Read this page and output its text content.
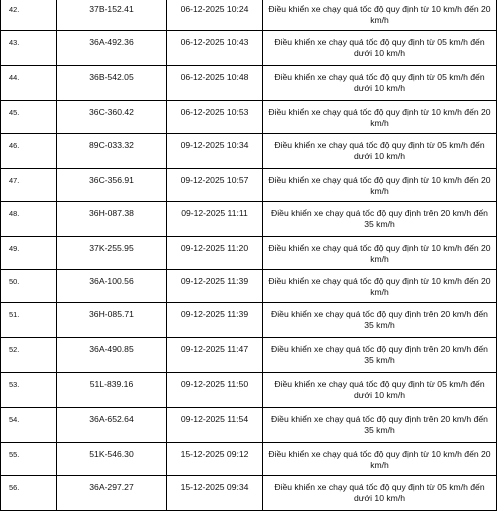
42.	37B-152.41	06-12-2025 10:24	Điều khiển xe chạy quá tốc độ quy định từ 10 km/h đến 20 km/h
43.	36A-492.36	06-12-2025 10:43	Điều khiển xe chạy quá tốc độ quy định từ 05 km/h đến dưới 10 km/h
44.	36B-542.05	06-12-2025 10:48	Điều khiển xe chạy quá tốc độ quy định từ 05 km/h đến dưới 10 km/h
45.	36C-360.42	06-12-2025 10:53	Điều khiển xe chạy quá tốc độ quy định từ 10 km/h đến 20 km/h
46.	89C-033.32	09-12-2025 10:34	Điều khiển xe chạy quá tốc độ quy định từ 05 km/h đến dưới 10 km/h
47.	36C-356.91	09-12-2025 10:57	Điều khiển xe chạy quá tốc độ quy định từ 10 km/h đến 20 km/h
48.	36H-087.38	09-12-2025 11:11	Điều khiển xe chạy quá tốc độ quy định trên 20 km/h đến 35 km/h
49.	37K-255.95	09-12-2025 11:20	Điều khiển xe chạy quá tốc độ quy định từ 10 km/h đến 20 km/h
50.	36A-100.56	09-12-2025 11:39	Điều khiển xe chạy quá tốc độ quy định từ 10 km/h đến 20 km/h
51.	36H-085.71	09-12-2025 11:39	Điều khiển xe chạy quá tốc độ quy định trên 20 km/h đến 35 km/h
52.	36A-490.85	09-12-2025 11:47	Điều khiển xe chạy quá tốc độ quy định trên 20 km/h đến 35 km/h
53.	51L-839.16	09-12-2025 11:50	Điều khiển xe chạy quá tốc độ quy định từ 05 km/h đến dưới 10 km/h
54.	36A-652.64	09-12-2025 11:54	Điều khiển xe chạy quá tốc độ quy định trên 20 km/h đến 35 km/h
55.	51K-546.30	15-12-2025 09:12	Điều khiển xe chạy quá tốc độ quy định từ 10 km/h đến 20 km/h
56.	36A-297.27	15-12-2025 09:34	Điều khiển xe chạy quá tốc độ quy định từ 05 km/h đến dưới 10 km/h
